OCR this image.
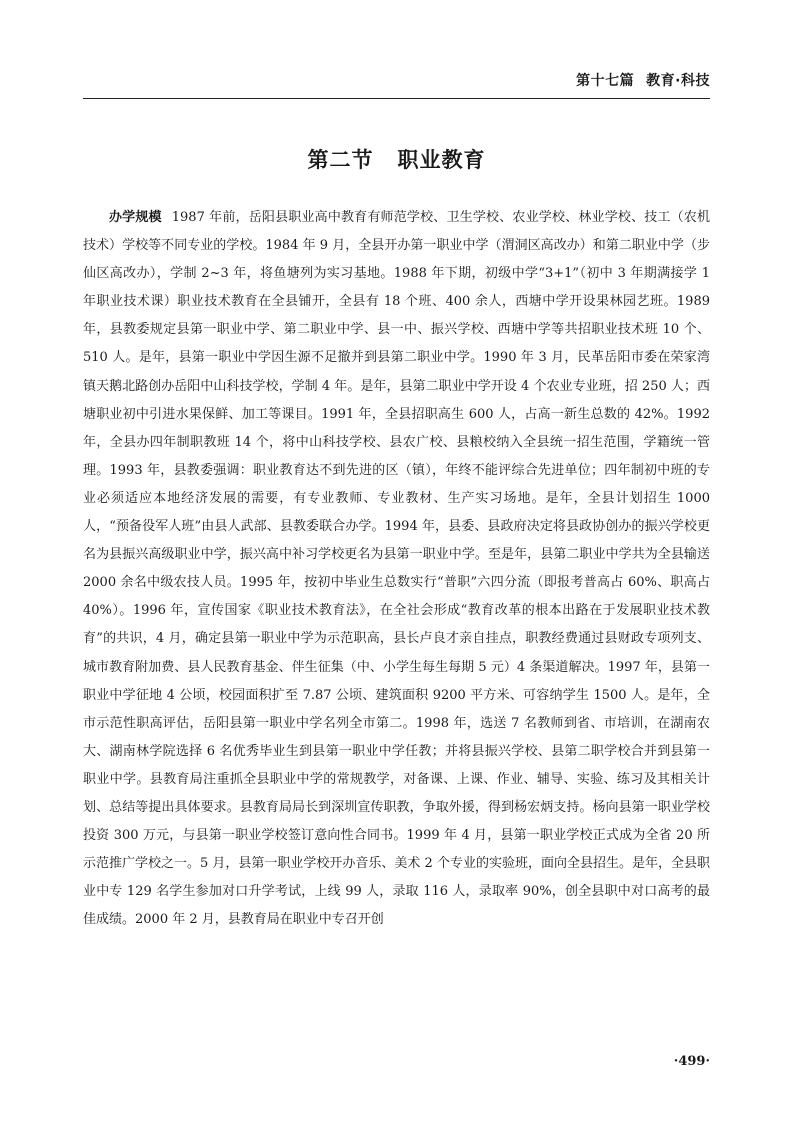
第十七篇 教育·科技
第二节 职业教育

办学规模 1987 年前，岳阳县职业高中教育有师范学校、卫生学校、农业学校、林业学校、技工（农机技术）学校等不同专业的学校。1984 年 9 月，全县开办第一职业中学（渭洞区高改办）和第二职业中学（步仙区高改办），学制 2~3 年，将鱼塘列为实习基地。1988 年下期，初级中学“3+1”（初中 3 年期满接学 1 年职业技术课）职业技术教育在全县铺开，全县有 18 个班、400 余人，西塘中学开设果林园艺班。1989 年，县教委规定县第一职业中学、第二职业中学、县一中、振兴学校、西塘中学等共招职业技术班 10 个、510 人。是年，县第一职业中学因生源不足撤并到县第二职业中学。1990 年 3 月，民革岳阳市委在荣家湾镇天鹅北路创办岳阳中山科技学校，学制 4 年。是年，县第二职业中学开设 4 个农业专业班，招 250 人；西塘职业初中引进水果保鲜、加工等课目。1991 年，全县招职高生 600 人，占高一新生总数的 42%。1992 年，全县办四年制职教班 14 个，将中山科技学校、县农广校、县粮校纳入全县统一招生范围，学籍统一管理。1993 年，县教委强调：职业教育达不到先进的区（镇），年终不能评综合先进单位；四年制初中班的专业必须适应本地经济发展的需要，有专业教师、专业教材、生产实习场地。是年，全县计划招生 1000 人，“预备役军人班”由县人武部、县教委联合办学。1994 年，县委、县政府决定将县政协创办的振兴学校更名为县振兴高级职业中学，振兴高中补习学校更名为县第一职业中学。至是年，县第二职业中学共为全县输送 2000 余名中级农技人员。1995 年，按初中毕业生总数实行“普职”六四分流（即报考普高占 60%、职高占 40%）。1996 年，宣传国家《职业技术教育法》，在全社会形成“教育改革的根本出路在于发展职业技术教育”的共识，4 月，确定县第一职业中学为示范职高，县长卢良才亲自挂点，职教经费通过县财政专项列支、城市教育附加费、县人民教育基金、伴生征集（中、小学生每生每期 5 元）4 条渠道解决。1997 年，县第一职业中学征地 4 公顷，校园面积扩至 7.87 公顷、建筑面积 9200 平方米、可容纳学生 1500 人。是年，全市示范性职高评估，岳阳县第一职业中学名列全市第二。1998 年，选送 7 名教师到省、市培训，在湖南农大、湖南林学院选择 6 名优秀毕业生到县第一职业中学任教；并将县振兴学校、县第二职学校合并到县第一职业中学。县教育局注重抓全县职业中学的常规教学，对备课、上课、作业、辅导、实验、练习及其相关计划、总结等提出具体要求。县教育局局长到深圳宣传职教，争取外援，得到杨宏炳支持。杨向县第一职业学校投资 300 万元，与县第一职业学校签订意向性合同书。1999 年 4 月，县第一职业学校正式成为全省 20 所示范推广学校之一。5 月，县第一职业学校开办音乐、美术 2 个专业的实验班，面向全县招生。是年，全县职业中专 129 名学生参加对口升学考试，上线 99 人，录取 116 人，录取率 90%，创全县职中对口高考的最佳成绩。2000 年 2 月，县教育局在职业中专召开创

·499·
